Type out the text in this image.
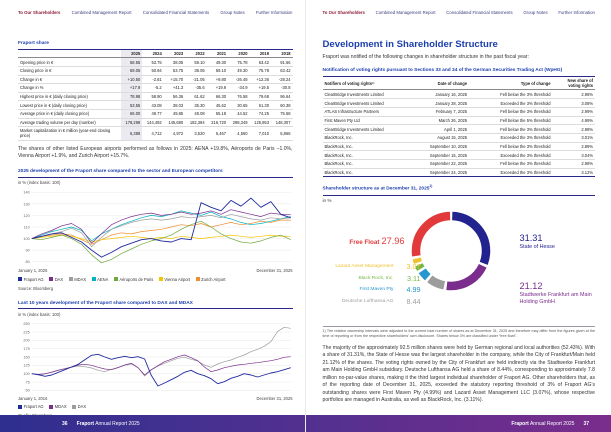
To Our Shareholders	Combined Management Report	Consolidated Financial Statements	Group Notes	Further Information
Fraport share
	2025	2024	2023	2022	2021	2020	2019	2018
Opening price in €	58.55	53.75	38.05	59.10	49.30	75.78	63.42	91.66
Closing price in €	69.05	50.94	53.75	38.05	59.10	49.30	75.78	63.42
Change in €	+10.50	-2.81	+15.70	-21.05	+9.80	-26.48	+12.36	-28.24
Change in %	+17.9	-5.2	+41.3	-35.6	+19.9	-34.9	+19.5	-30.8
Highest price in € (daily closing price)	78.98	58.90	56.36	61.62	66.30	76.58	79.68	96.64
Lowest price in € (daily closing price)	53.55	43.08	38.03	35.30	45.62	30.65	61.30	60.38
Average price in € (daily closing price)	65.00	49.77	49.85	48.08	55.18	44.52	74.25	75.58
Average trading volume per day (number)	178,298	144,492	145,680	182,394	216,720	298,349	125,953	148,307
Market capitalization in € million (year-end closing price)	6,388	4,712	4,972	3,520	5,467	4,560	7,010	5,866
The shares of other listed European airports performed as follows in 2025: AENA +19.8%, Aéroports de Paris –1.0%, Vienna Airport +1.9%, and Zurich Airport +15.7%.
2025 development of the Fraport share compared to the sector and European competitors
in % (index basis: 100)
140
130
120
110
100
90
80
January 1, 2025	December 31, 2025
Fraport AG	DAX	MDAX	AENA	Aéroports de Paris	Vienna Airport	Zurich Airport
Source: Bloomberg
Last 10 years development of the Fraport share compared to DAX and MDAX
in % (index basis: 100)
250
225
200
175
150
125
100
75
50
January 1, 2016	December 31, 2025
Fraport AG	MDAX	DAX
36 Fraport Annual Report 2025
To Our Shareholders Combined Management Report Consolidated Financial Statements Group Notes Further Information
Development in Shareholder Structure
Fraport was notified of the following changes in shareholder structure in the past fiscal year:
Notification of voting rights pursuant to Sections 33 and 34 of the German Securities Trading Act (WpHG)
Notifiers of voting rights¹⁾	Date of change	Type of change	New share of voting rights
ClearBridge Investments Limited	January 16, 2025	Fell below the 3% threshold	2.98%
ClearBridge Investments Limited	January 28, 2025	Exceeded the 3% threshold	3.08%
ATLAS Infrastructure Partners	February 7, 2025	Fell below the 3% threshold	2.99%
First Maven Pty Ltd	March 26, 2025	Fell below the 5% threshold	4.99%
ClearBridge Investments Limited	April 1, 2025	Fell below the 3% threshold	2.98%
BlackRock, Inc.	August 15, 2025	Exceeded the 3% threshold	3.01%
BlackRock, Inc.	September 10, 2025	Fell below the 3% threshold	2.89%
BlackRock, Inc.	September 15, 2025	Exceeded the 3% threshold	3.04%
BlackRock, Inc.	September 22, 2025	Fell below the 3% threshold	2.98%
BlackRock, Inc.	September 24, 2025	Exceeded the 3% threshold	3.12%
Shareholder structure as at December 31, 2025$^{1)}$
in %
Free Float 27.96	31.31
State of Hesse
21.12
Stadtwerke Frankfurt am Main Holding GmbH
Lazard Asset Management	3.07
Black Rock, Inc.	3.11
First Maven Pty	4.99
Deutsche Lufthansa AG	8.44
1) The relative ownership intervals were adjusted to the current total number of shares as at December 31, 2025 and therefore may differ from the figures given at the time of reporting or from the respective shareholders’ own disclosure. Shares below 3% are classified under “free float”.
The majority of the approximately 92.5 million shares were held by German regional and local authorities (52.43%). With a share of 31.31%, the State of Hesse was the largest shareholder in the company, while the City of Frankfurt/Main held 21.12% of the shares. The voting rights owned by the City of Frankfurt are held indirectly via the Stadtwerke Frankfurt am Main Holding GmbH subsidiary. Deutsche Lufthansa AG held a share of 8.44%, corresponding to approximately 7.8 million no-par-value shares, making it the third largest individual shareholder of Fraport AG. Other shareholders that, as of the reporting date of December 31, 2025, exceeded the statutory reporting threshold of 3% of Fraport AG’s outstanding shares were First Maven Pty (4.99%) and Lazard Asset Management LLC (3.07%), whose respective portfolios are managed in Australia, as well as BlackRock, Inc. (3.11%).
Fraport Annual Report 2025 37
